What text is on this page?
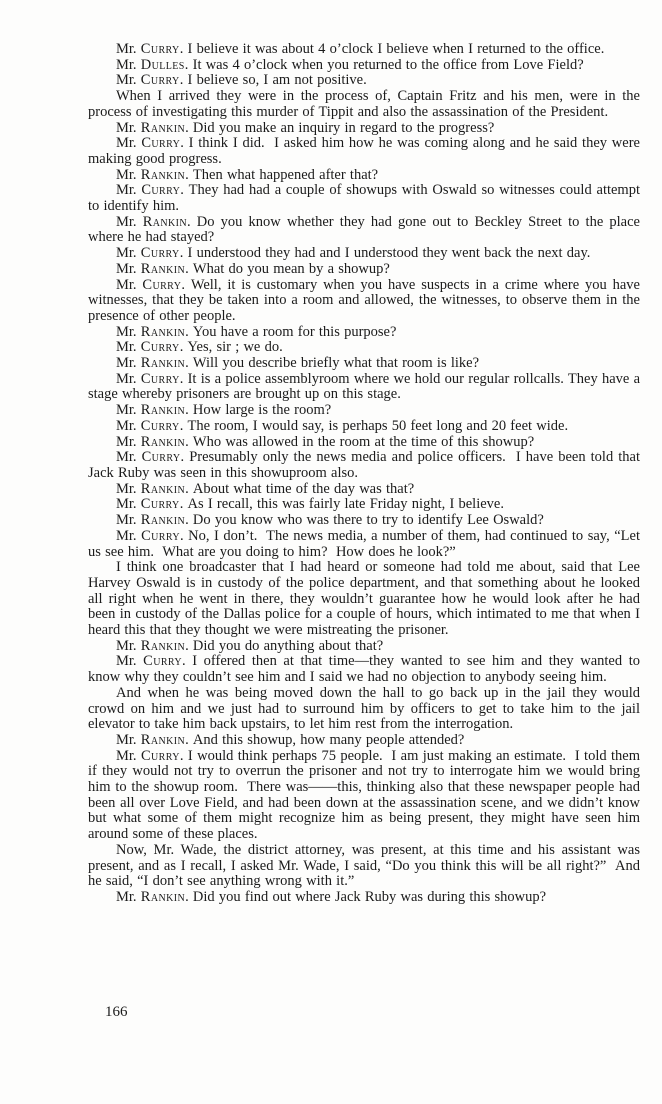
Mr. Curry. I believe it was about 4 o’clock I believe when I returned to the office.

Mr. Dulles. It was 4 o’clock when you returned to the office from Love Field?

Mr. Curry. I believe so, I am not positive.

When I arrived they were in the process of, Captain Fritz and his men, were in the process of investigating this murder of Tippit and also the assassination of the President.

Mr. Rankin. Did you make an inquiry in regard to the progress?

Mr. Curry. I think I did.  I asked him how he was coming along and he said they were making good progress.

Mr. Rankin. Then what happened after that?

Mr. Curry. They had had a couple of showups with Oswald so witnesses could attempt to identify him.

Mr. Rankin. Do you know whether they had gone out to Beckley Street to the place where he had stayed?

Mr. Curry. I understood they had and I understood they went back the next day.

Mr. Rankin. What do you mean by a showup?

Mr. Curry. Well, it is customary when you have suspects in a crime where you have witnesses, that they be taken into a room and allowed, the witnesses, to observe them in the presence of other people.

Mr. Rankin. You have a room for this purpose?

Mr. Curry. Yes, sir ; we do.

Mr. Rankin. Will you describe briefly what that room is like?

Mr. Curry. It is a police assemblyroom where we hold our regular rollcalls. They have a stage whereby prisoners are brought up on this stage.

Mr. Rankin. How large is the room?

Mr. Curry. The room, I would say, is perhaps 50 feet long and 20 feet wide.

Mr. Rankin. Who was allowed in the room at the time of this showup?

Mr. Curry. Presumably only the news media and police officers.  I have been told that Jack Ruby was seen in this showuproom also.

Mr. Rankin. About what time of the day was that?

Mr. Curry. As I recall, this was fairly late Friday night, I believe.

Mr. Rankin. Do you know who was there to try to identify Lee Oswald?

Mr. Curry. No, I don’t.  The news media, a number of them, had continued to say, “Let us see him.  What are you doing to him?  How does he look?”

I think one broadcaster that I had heard or someone had told me about, said that Lee Harvey Oswald is in custody of the police department, and that something about he looked all right when he went in there, they wouldn’t guarantee how he would look after he had been in custody of the Dallas police for a couple of hours, which intimated to me that when I heard this that they thought we were mistreating the prisoner.

Mr. Rankin. Did you do anything about that?

Mr. Curry. I offered then at that time—they wanted to see him and they wanted to know why they couldn’t see him and I said we had no objection to anybody seeing him.

And when he was being moved down the hall to go back up in the jail they would crowd on him and we just had to surround him by officers to get to take him to the jail elevator to take him back upstairs, to let him rest from the interrogation.

Mr. Rankin. And this showup, how many people attended?

Mr. Curry. I would think perhaps 75 people.  I am just making an estimate.  I told them if they would not try to overrun the prisoner and not try to interrogate him we would bring him to the showup room.  There was——this, thinking also that these newspaper people had been all over Love Field, and had been down at the assassination scene, and we didn’t know but what some of them might recognize him as being present, they might have seen him around some of these places.

Now, Mr. Wade, the district attorney, was present, at this time and his assistant was present, and as I recall, I asked Mr. Wade, I said, “Do you think this will be all right?”  And he said, “I don’t see anything wrong with it.”

Mr. Rankin. Did you find out where Jack Ruby was during this showup?

166
